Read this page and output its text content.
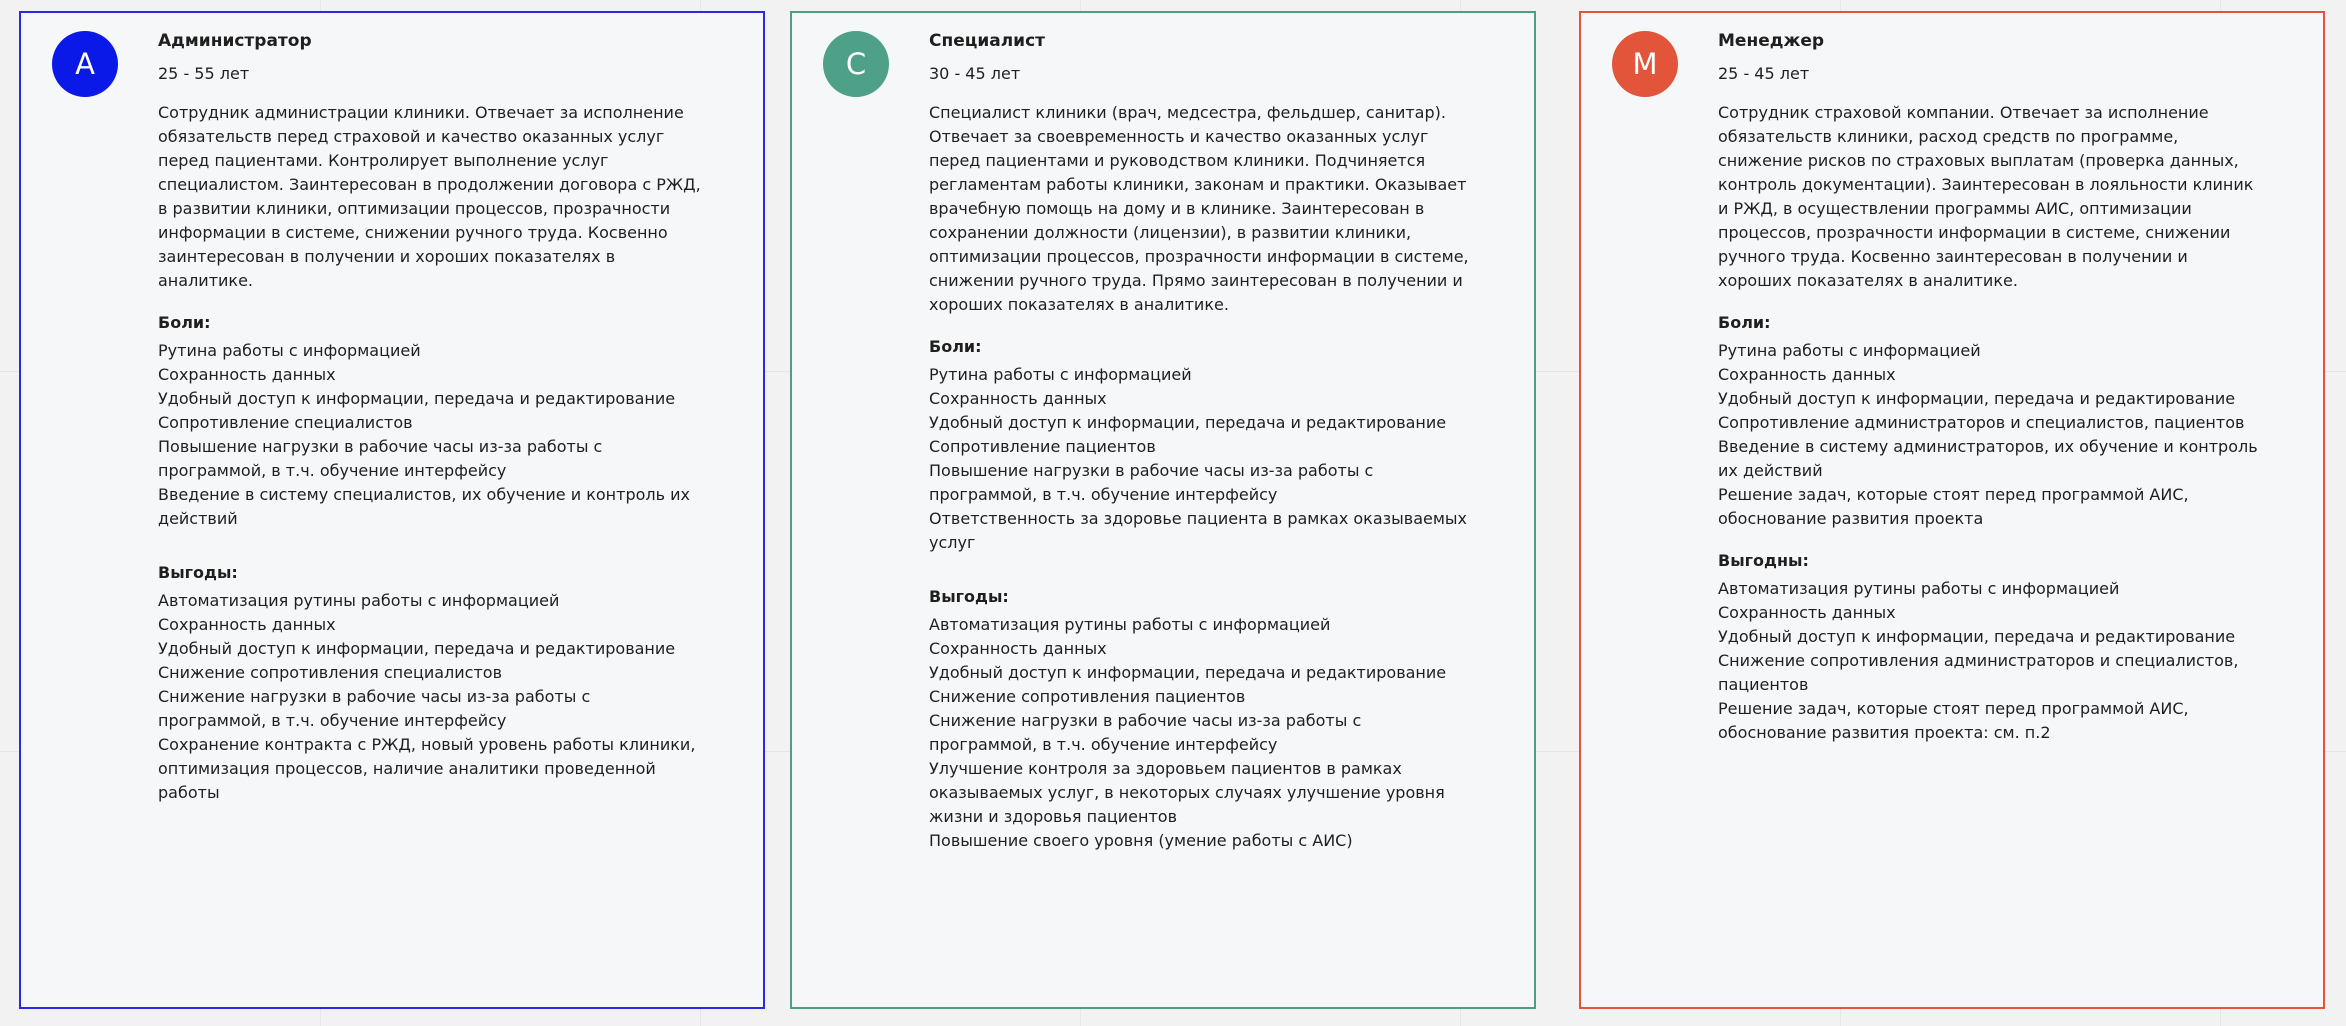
А

Администратор

25 - 55 лет

Сотрудник администрации клиники. Отвечает за исполнение обязательств перед страховой и качество оказанных услуг перед пациентами. Контролирует выполнение услуг специалистом. Заинтересован в продолжении договора с РЖД, в развитии клиники, оптимизации процессов, прозрачности информации в системе, снижении ручного труда. Косвенно заинтересован в получении и хороших показателях в аналитике.

Боли:

Рутина работы с информацией
Сохранность данных
Удобный доступ к информации, передача и редактирование
Сопротивление специалистов
Повышение нагрузки в рабочие часы из-за работы с программой, в т.ч. обучение интерфейсу
Введение в систему специалистов, их обучение и контроль их действий

Выгоды:

Автоматизация рутины работы с информацией
Сохранность данных
Удобный доступ к информации, передача и редактирование
Снижение сопротивления специалистов
Снижение нагрузки в рабочие часы из-за работы с программой, в т.ч. обучение интерфейсу
Сохранение контракта с РЖД, новый уровень работы клиники, оптимизация процессов, наличие аналитики проведенной работы
С

Специалист

30 - 45 лет

Специалист клиники (врач, медсестра, фельдшер, санитар). Отвечает за своевременность и качество оказанных услуг перед пациентами и руководством клиники. Подчиняется регламентам работы клиники, законам и практики. Оказывает врачебную помощь на дому и в клинике. Заинтересован в сохранении должности (лицензии), в развитии клиники, оптимизации процессов, прозрачности информации в системе, снижении ручного труда. Прямо заинтересован в получении и хороших показателях в аналитике.

Боли:

Рутина работы с информацией
Сохранность данных
Удобный доступ к информации, передача и редактирование
Сопротивление пациентов
Повышение нагрузки в рабочие часы из-за работы с программой, в т.ч. обучение интерфейсу
Ответственность за здоровье пациента в рамках оказываемых услуг

Выгоды:

Автоматизация рутины работы с информацией
Сохранность данных
Удобный доступ к информации, передача и редактирование
Снижение сопротивления пациентов
Снижение нагрузки в рабочие часы из-за работы с программой, в т.ч. обучение интерфейсу
Улучшение контроля за здоровьем пациентов в рамках оказываемых услуг, в некоторых случаях улучшение уровня жизни и здоровья пациентов
Повышение своего уровня (умение работы с АИС)
М

Менеджер

25 - 45 лет

Сотрудник страховой компании. Отвечает за исполнение обязательств клиники, расход средств по программе, снижение рисков по страховых выплатам (проверка данных, контроль документации). Заинтересован в лояльности клиник и РЖД, в осуществлении программы АИС, оптимизации процессов, прозрачности информации в системе, снижении ручного труда. Косвенно заинтересован в получении и хороших показателях в аналитике.

Боли:

Рутина работы с информацией
Сохранность данных
Удобный доступ к информации, передача и редактирование
Сопротивление администраторов и специалистов, пациентов
Введение в систему администраторов, их обучение и контроль их действий
Решение задач, которые стоят перед программой АИС, обоснование развития проекта

Выгодны:

Автоматизация рутины работы с информацией
Сохранность данных
Удобный доступ к информации, передача и редактирование
Снижение сопротивления администраторов и специалистов, пациентов
Решение задач, которые стоят перед программой АИС, обоснование развития проекта: см. п.2
